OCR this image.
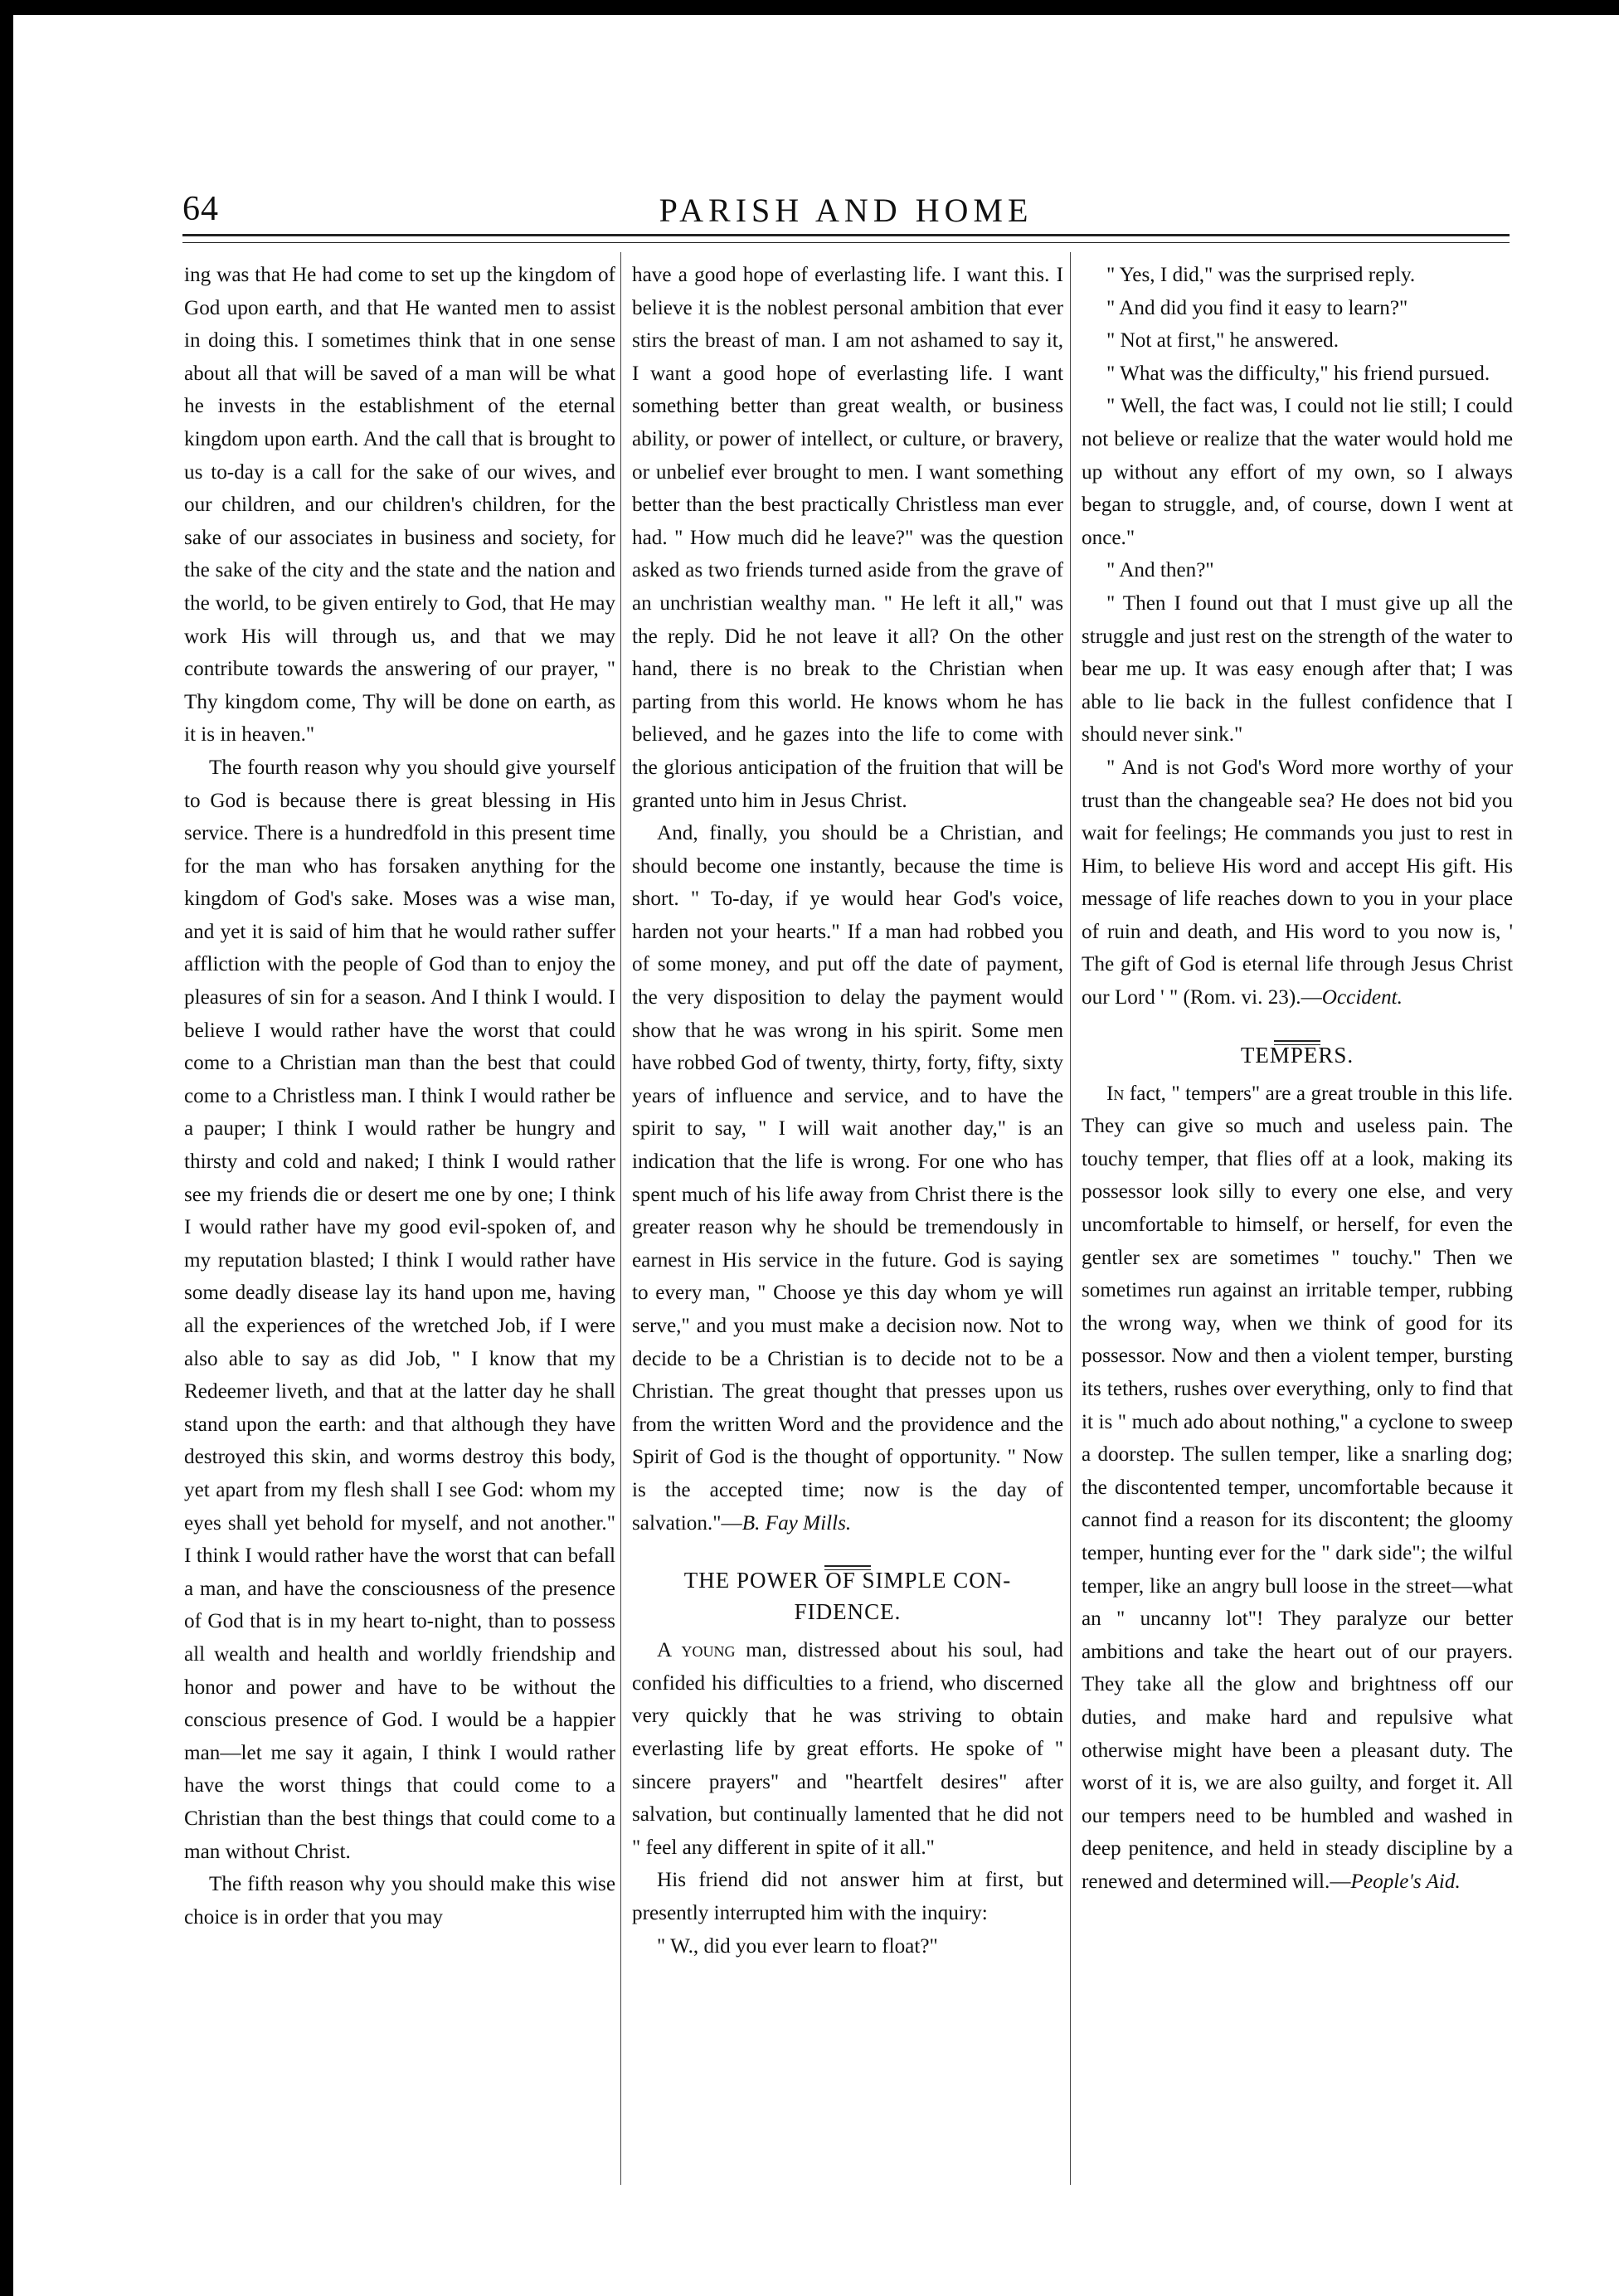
64	PARISH AND HOME

ing was that He had come to set up the kingdom of God upon earth, and that He wanted men to assist in doing this. I sometimes think that in one sense about all that will be saved of a man will be what he invests in the establishment of the eternal kingdom upon earth. And the call that is brought to us to-day is a call for the sake of our wives, and our children, and our children's children, for the sake of our associates in business and society, for the sake of the city and the state and the nation and the world, to be given entirely to God, that He may work His will through us, and that we may contribute towards the answering of our prayer, " Thy kingdom come, Thy will be done on earth, as it is in heaven."

The fourth reason why you should give yourself to God is because there is great blessing in His service. There is a hundredfold in this present time for the man who has forsaken anything for the kingdom of God's sake. Moses was a wise man, and yet it is said of him that he would rather suffer affliction with the people of God than to enjoy the pleasures of sin for a season. And I think I would. I believe I would rather have the worst that could come to a Christian man than the best that could come to a Christless man. I think I would rather be a pauper; I think I would rather be hungry and thirsty and cold and naked; I think I would rather see my friends die or desert me one by one; I think I would rather have my good evil-spoken of, and my reputation blasted; I think I would rather have some deadly disease lay its hand upon me, having all the experiences of the wretched Job, if I were also able to say as did Job, " I know that my Redeemer liveth, and that at the latter day he shall stand upon the earth: and that although they have destroyed this skin, and worms destroy this body, yet apart from my flesh shall I see God: whom my eyes shall yet behold for myself, and not another." I think I would rather have the worst that can befall a man, and have the consciousness of the presence of God that is in my heart to-night, than to possess all wealth and health and worldly friendship and honor and power and have to be without the conscious presence of God. I would be a happier man—let me say it again, I think I would rather have the worst things that could come to a Christian than the best things that could come to a man without Christ.

The fifth reason why you should make this wise choice is in order that you may

have a good hope of everlasting life. I want this. I believe it is the noblest personal ambition that ever stirs the breast of man. I am not ashamed to say it, I want a good hope of everlasting life. I want something better than great wealth, or business ability, or power of intellect, or culture, or bravery, or unbelief ever brought to men. I want something better than the best practically Christless man ever had. " How much did he leave?" was the question asked as two friends turned aside from the grave of an unchristian wealthy man. " He left it all," was the reply. Did he not leave it all? On the other hand, there is no break to the Christian when parting from this world. He knows whom he has believed, and he gazes into the life to come with the glorious anticipation of the fruition that will be granted unto him in Jesus Christ.

And, finally, you should be a Christian, and should become one instantly, because the time is short. " To-day, if ye would hear God's voice, harden not your hearts." If a man had robbed you of some money, and put off the date of payment, the very disposition to delay the payment would show that he was wrong in his spirit. Some men have robbed God of twenty, thirty, forty, fifty, sixty years of influence and service, and to have the spirit to say, " I will wait another day," is an indication that the life is wrong. For one who has spent much of his life away from Christ there is the greater reason why he should be tremendously in earnest in His service in the future. God is saying to every man, " Choose ye this day whom ye will serve," and you must make a decision now. Not to decide to be a Christian is to decide not to be a Christian. The great thought that presses upon us from the written Word and the providence and the Spirit of God is the thought of opportunity. " Now is the accepted time; now is the day of salvation."—B. Fay Mills.

THE POWER OF SIMPLE CON-
FIDENCE.

A young man, distressed about his soul, had confided his difficulties to a friend, who discerned very quickly that he was striving to obtain everlasting life by great efforts. He spoke of " sincere prayers" and "heartfelt desires" after salvation, but continually lamented that he did not " feel any different in spite of it all."

His friend did not answer him at first, but presently interrupted him with the inquiry:

" W., did you ever learn to float?"

" Yes, I did," was the surprised reply.

" And did you find it easy to learn?"

" Not at first," he answered.

" What was the difficulty," his friend pursued.

" Well, the fact was, I could not lie still; I could not believe or realize that the water would hold me up without any effort of my own, so I always began to struggle, and, of course, down I went at once."

" And then?"

" Then I found out that I must give up all the struggle and just rest on the strength of the water to bear me up. It was easy enough after that; I was able to lie back in the fullest confidence that I should never sink."

" And is not God's Word more worthy of your trust than the changeable sea? He does not bid you wait for feelings; He commands you just to rest in Him, to believe His word and accept His gift. His message of life reaches down to you in your place of ruin and death, and His word to you now is, ' The gift of God is eternal life through Jesus Christ our Lord ' " (Rom. vi. 23).—Occident.

TEMPERS.

In fact, " tempers" are a great trouble in this life. They can give so much and useless pain. The touchy temper, that flies off at a look, making its possessor look silly to every one else, and very uncomfortable to himself, or herself, for even the gentler sex are sometimes " touchy." Then we sometimes run against an irritable temper, rubbing the wrong way, when we think of good for its possessor. Now and then a violent temper, bursting its tethers, rushes over everything, only to find that it is " much ado about nothing," a cyclone to sweep a doorstep. The sullen temper, like a snarling dog; the discontented temper, uncomfortable because it cannot find a reason for its discontent; the gloomy temper, hunting ever for the " dark side"; the wilful temper, like an angry bull loose in the street—what an " uncanny lot"! They paralyze our better ambitions and take the heart out of our prayers. They take all the glow and brightness off our duties, and make hard and repulsive what otherwise might have been a pleasant duty. The worst of it is, we are also guilty, and forget it. All our tempers need to be humbled and washed in deep penitence, and held in steady discipline by a renewed and determined will.—People's Aid.
